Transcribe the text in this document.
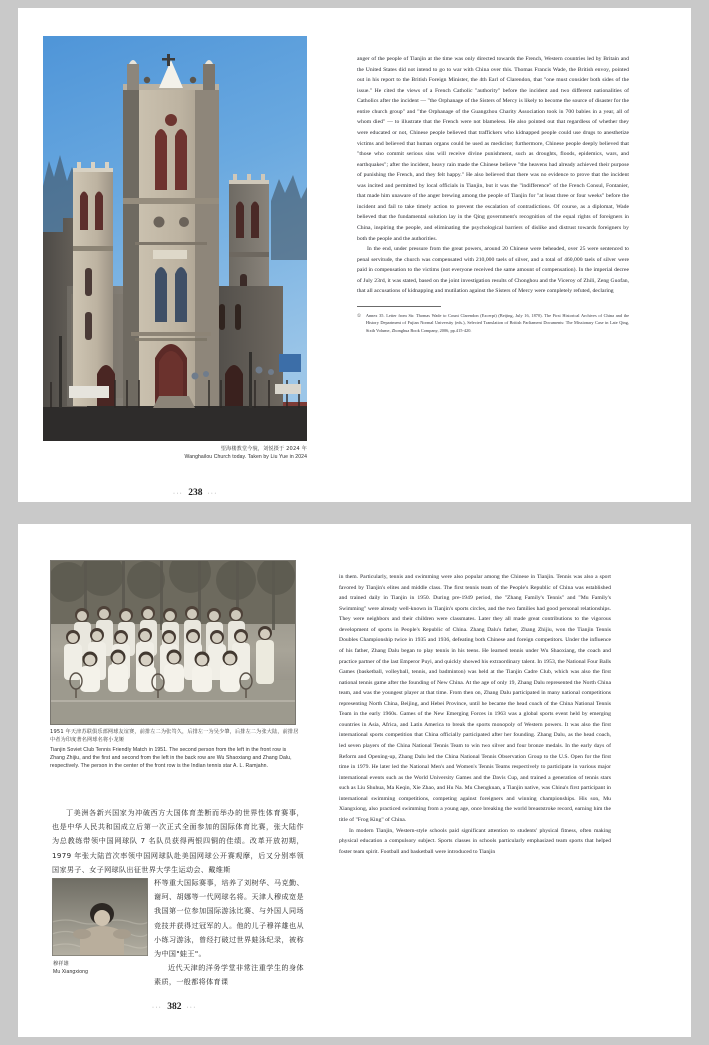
望海楼教堂今貌，刘悦摄于 2024 年
Wanghailou Church today. Taken by Liu Yue in 2024
··· 238 ···

anger of the people of Tianjin at the time was only directed towards the French, Western countries led by Britain and the United States did not intend to go to war with China over this. Thomas Francis Wade, the British envoy, pointed out in his report to the British Foreign Minister, the 4th Earl of Clarendon, that "one must consider both sides of the issue." He cited the views of a French Catholic "authority" before the incident and two different nationalities of Catholics after the incident — "the Orphanage of the Sisters of Mercy is likely to become the source of disaster for the entire church group" and "the Orphanage of the Guangzhou Charity Association took in 700 babies in a year, all of whom died" — to illustrate that the French were not blameless. He also pointed out that regardless of whether they were educated or not, Chinese people believed that traffickers who kidnapped people could use drugs to anesthetize victims and believed that human organs could be used as medicine; furthermore, Chinese people deeply believed that "those who commit serious sins will receive divine punishment, such as droughts, floods, epidemics, wars, and earthquakes"; after the incident, heavy rain made the Chinese believe "the heavens had already achieved their purpose of punishing the French, and they felt happy." He also believed that there was no evidence to prove that the incident was incited and permitted by local officials in Tianjin, but it was the "indifference" of the French Consul, Fontanier, that made him unaware of the anger brewing among the people of Tianjin for "at least three or four weeks" before the incident and fail to take timely action to prevent the escalation of contradictions. Of course, as a diplomat, Wade believed that the fundamental solution lay in the Qing government's recognition of the equal rights of foreigners in China, inspiring the people, and eliminating the psychological barriers of dislike and distrust towards foreigners by both the people and the authorities.

In the end, under pressure from the great powers, around 20 Chinese were beheaded, over 25 were sentenced to penal servitude, the church was compensated with 210,000 taels of silver, and a total of 460,000 taels of silver were paid in compensation to the victims (not everyone received the same amount of compensation). In the imperial decree of July 23rd, it was stated, based on the joint investigation results of Chonghou and the Viceroy of Zhili, Zeng Guofan, that all accusations of kidnapping and mutilation against the Sisters of Mercy were completely refuted, declaring

① Annex 35. Letter from Sir. Thomas Wade to Count Clarendon (Excerpt) (Beijing, July 16, 1870). The First Historical Archives of China and the History Department of Fujian Normal University (eds.), Selected Translation of British Parliament Documents: The Missionary Case in Late Qing, Sixth Volume, Zhonghua Book Company, 2006, pp.415-420.
1951 年天津苏联俱乐部网球友谊赛，前排左二为张笃久，后排左一为吴少肇，后排左二为张大陆，前排居中者为印度著名网球名将小龙姬
Tianjin Soviet Club Tennis Friendly Match in 1951. The second person from the left in the front row is Zhang Zhijiu, and the first and second from the left in the back row are Wu Shaoxiang and Zhang Dalu, respectively. The person in the center of the front row is the Indian tennis star A. L. Ramjahn.
丁美洲各新兴国家为冲破西方大国体育垄断而举办的世界性体育赛事，也是中华人民共和国成立后第一次正式全面参加的国际体育比赛，张大陆作为总教练带领中国网球队 7 名队员获得两银四铜的佳绩。改革开放初期，1979 年张大陆首次率领中国网球队赴美国网球公开赛观摩，后又分别率领国家男子、女子网球队出征世界大学生运动会、戴维斯
穆祥雄
Mu Xiangxiong
杯等重大国际赛事，培养了刘树华、马克勤、谢珂、胡娜等一代网球名将。天津人穆成宽是我国第一位参加国际游泳比赛、与外国人同场竞技并获得过冠军的人。他的儿子穆祥雄也从小练习游泳，曾经打破过世界蛙泳纪录，被称为中国"蛙王"。
近代天津的洋务学堂非常注重学生的身体素质，一般都将体育课

in them. Particularly, tennis and swimming were also popular among the Chinese in Tianjin. Tennis was also a sport favored by Tianjin's elites and middle class. The first tennis team of the People's Republic of China was established and trained daily in Tianjin in 1950. During pre-1949 period, the "Zhang Family's Tennis" and "Mu Family's Swimming" were already well-known in Tianjin's sports circles, and the two families had good personal relationships. They were neighbors and their children were classmates. Later they all made great contributions to the vigorous development of sports in People's Republic of China. Zhang Dalu's father, Zhang Zhijiu, won the Tianjin Tennis Doubles Championship twice in 1935 and 1936, defeating both Chinese and foreign competitors. Under the influence of his father, Zhang Dalu began to play tennis in his teens. He learned tennis under Wu Shaoxiang, the coach and practice partner of the last Emperor Puyi, and quickly showed his extraordinary talent. In 1953, the National Four Balls Games (basketball, volleyball, tennis, and badminton) was held at the Tianjin Cadre Club, which was also the first national tennis game after the founding of New China. At the age of only 19, Zhang Dalu represented the North China team, and was the youngest player at that time. From then on, Zhang Dalu participated in many national competitions representing North China, Beijing, and Hebei Province, until he became the head coach of the China National Tennis Team in the early 1960s. Games of the New Emerging Forces in 1963 was a global sports event held by emerging countries in Asia, Africa, and Latin America to break the sports monopoly of Western powers. It was also the first international sports competition that China officially participated after her founding. Zhang Dalu, as the head coach, led seven players of the China National Tennis Team to win two silver and four bronze medals. In the early days of Reform and Opening-up, Zhang Dalu led the China National Tennis Observation Group to the U.S. Open for the first time in 1979. He later led the National Men's and Women's Tennis Teams respectively to participate in various major international events such as the World University Games and the Davis Cup, and trained a generation of tennis stars such as Liu Shuhua, Ma Keqin, Xie Zhao, and Hu Na. Mu Chengkuan, a Tianjin native, was China's first participant in international swimming competitions, competing against foreigners and winning championships. His son, Mu Xiangxiong, also practiced swimming from a young age, once breaking the world breaststroke record, earning him the title of "Frog King" of China.

In modern Tianjin, Western-style schools paid significant attention to students' physical fitness, often making physical education a compulsory subject. Sports classes in schools particularly emphasized team sports that helped foster team spirit. Football and basketball were introduced to Tianjin

··· 382 ···
